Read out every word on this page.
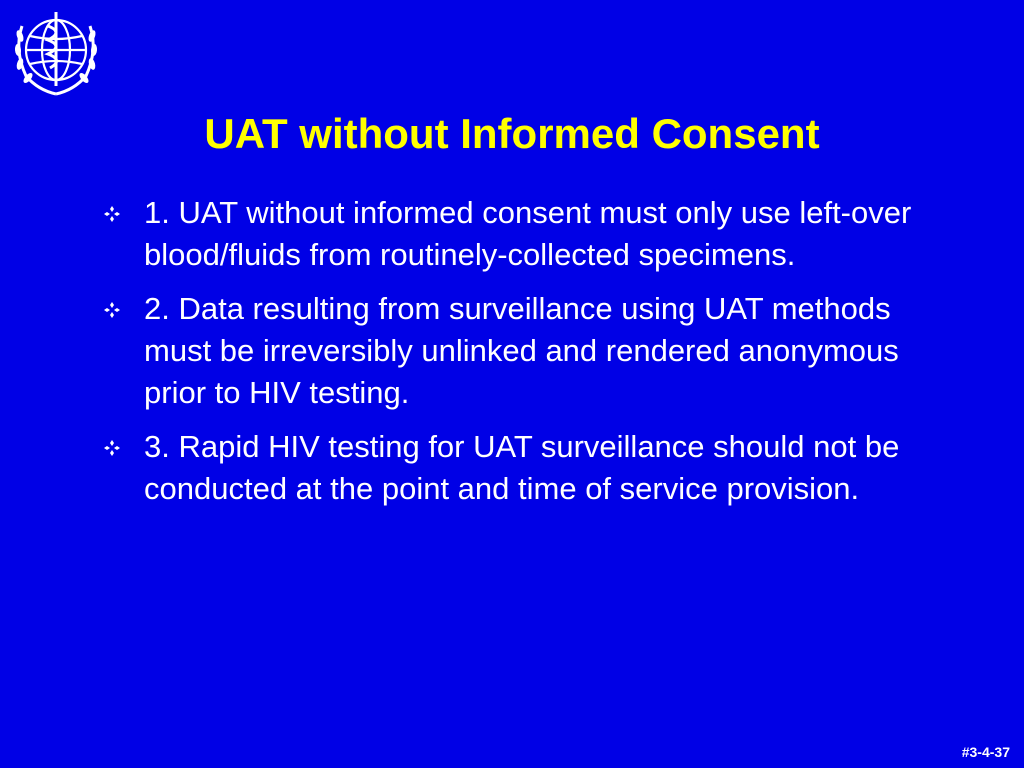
UAT without Informed Consent
1. UAT without informed consent must only use left-over blood/fluids from routinely-collected specimens.
2. Data resulting from surveillance using UAT methods must be irreversibly unlinked and rendered anonymous prior to HIV testing.
3. Rapid HIV testing for UAT surveillance should not be conducted at the point and time of service provision.
#3-4-37
